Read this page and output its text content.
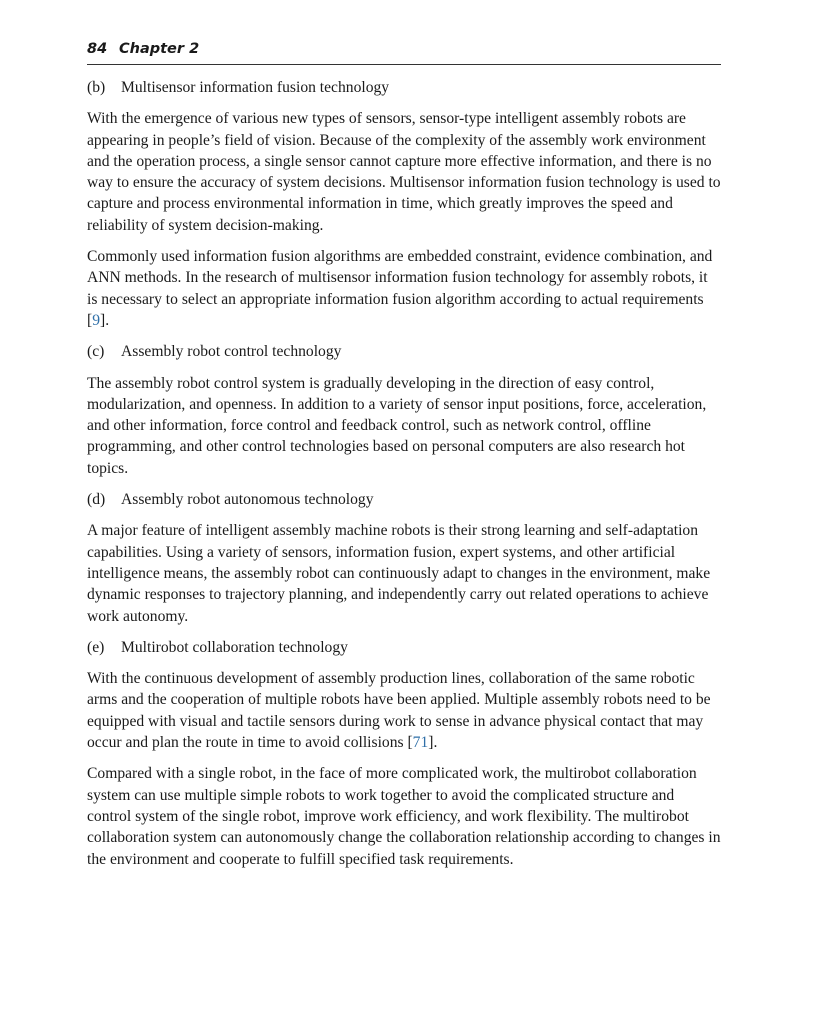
84 Chapter 2
(b) Multisensor information fusion technology

With the emergence of various new types of sensors, sensor-type intelligent assembly robots are appearing in people’s field of vision. Because of the complexity of the assembly work environment and the operation process, a single sensor cannot capture more effective information, and there is no way to ensure the accuracy of system decisions. Multisensor information fusion technology is used to capture and process environmental information in time, which greatly improves the speed and reliability of system decision-making.

Commonly used information fusion algorithms are embedded constraint, evidence combination, and ANN methods. In the research of multisensor information fusion technology for assembly robots, it is necessary to select an appropriate information fusion algorithm according to actual requirements [9].

(c) Assembly robot control technology

The assembly robot control system is gradually developing in the direction of easy control, modularization, and openness. In addition to a variety of sensor input positions, force, acceleration, and other information, force control and feedback control, such as network control, offline programming, and other control technologies based on personal computers are also research hot topics.

(d) Assembly robot autonomous technology

A major feature of intelligent assembly machine robots is their strong learning and self-adaptation capabilities. Using a variety of sensors, information fusion, expert systems, and other artificial intelligence means, the assembly robot can continuously adapt to changes in the environment, make dynamic responses to trajectory planning, and independently carry out related operations to achieve work autonomy.

(e) Multirobot collaboration technology

With the continuous development of assembly production lines, collaboration of the same robotic arms and the cooperation of multiple robots have been applied. Multiple assembly robots need to be equipped with visual and tactile sensors during work to sense in advance physical contact that may occur and plan the route in time to avoid collisions [71].

Compared with a single robot, in the face of more complicated work, the multirobot collaboration system can use multiple simple robots to work together to avoid the complicated structure and control system of the single robot, improve work efficiency, and work flexibility. The multirobot collaboration system can autonomously change the collaboration relationship according to changes in the environment and cooperate to fulfill specified task requirements.
